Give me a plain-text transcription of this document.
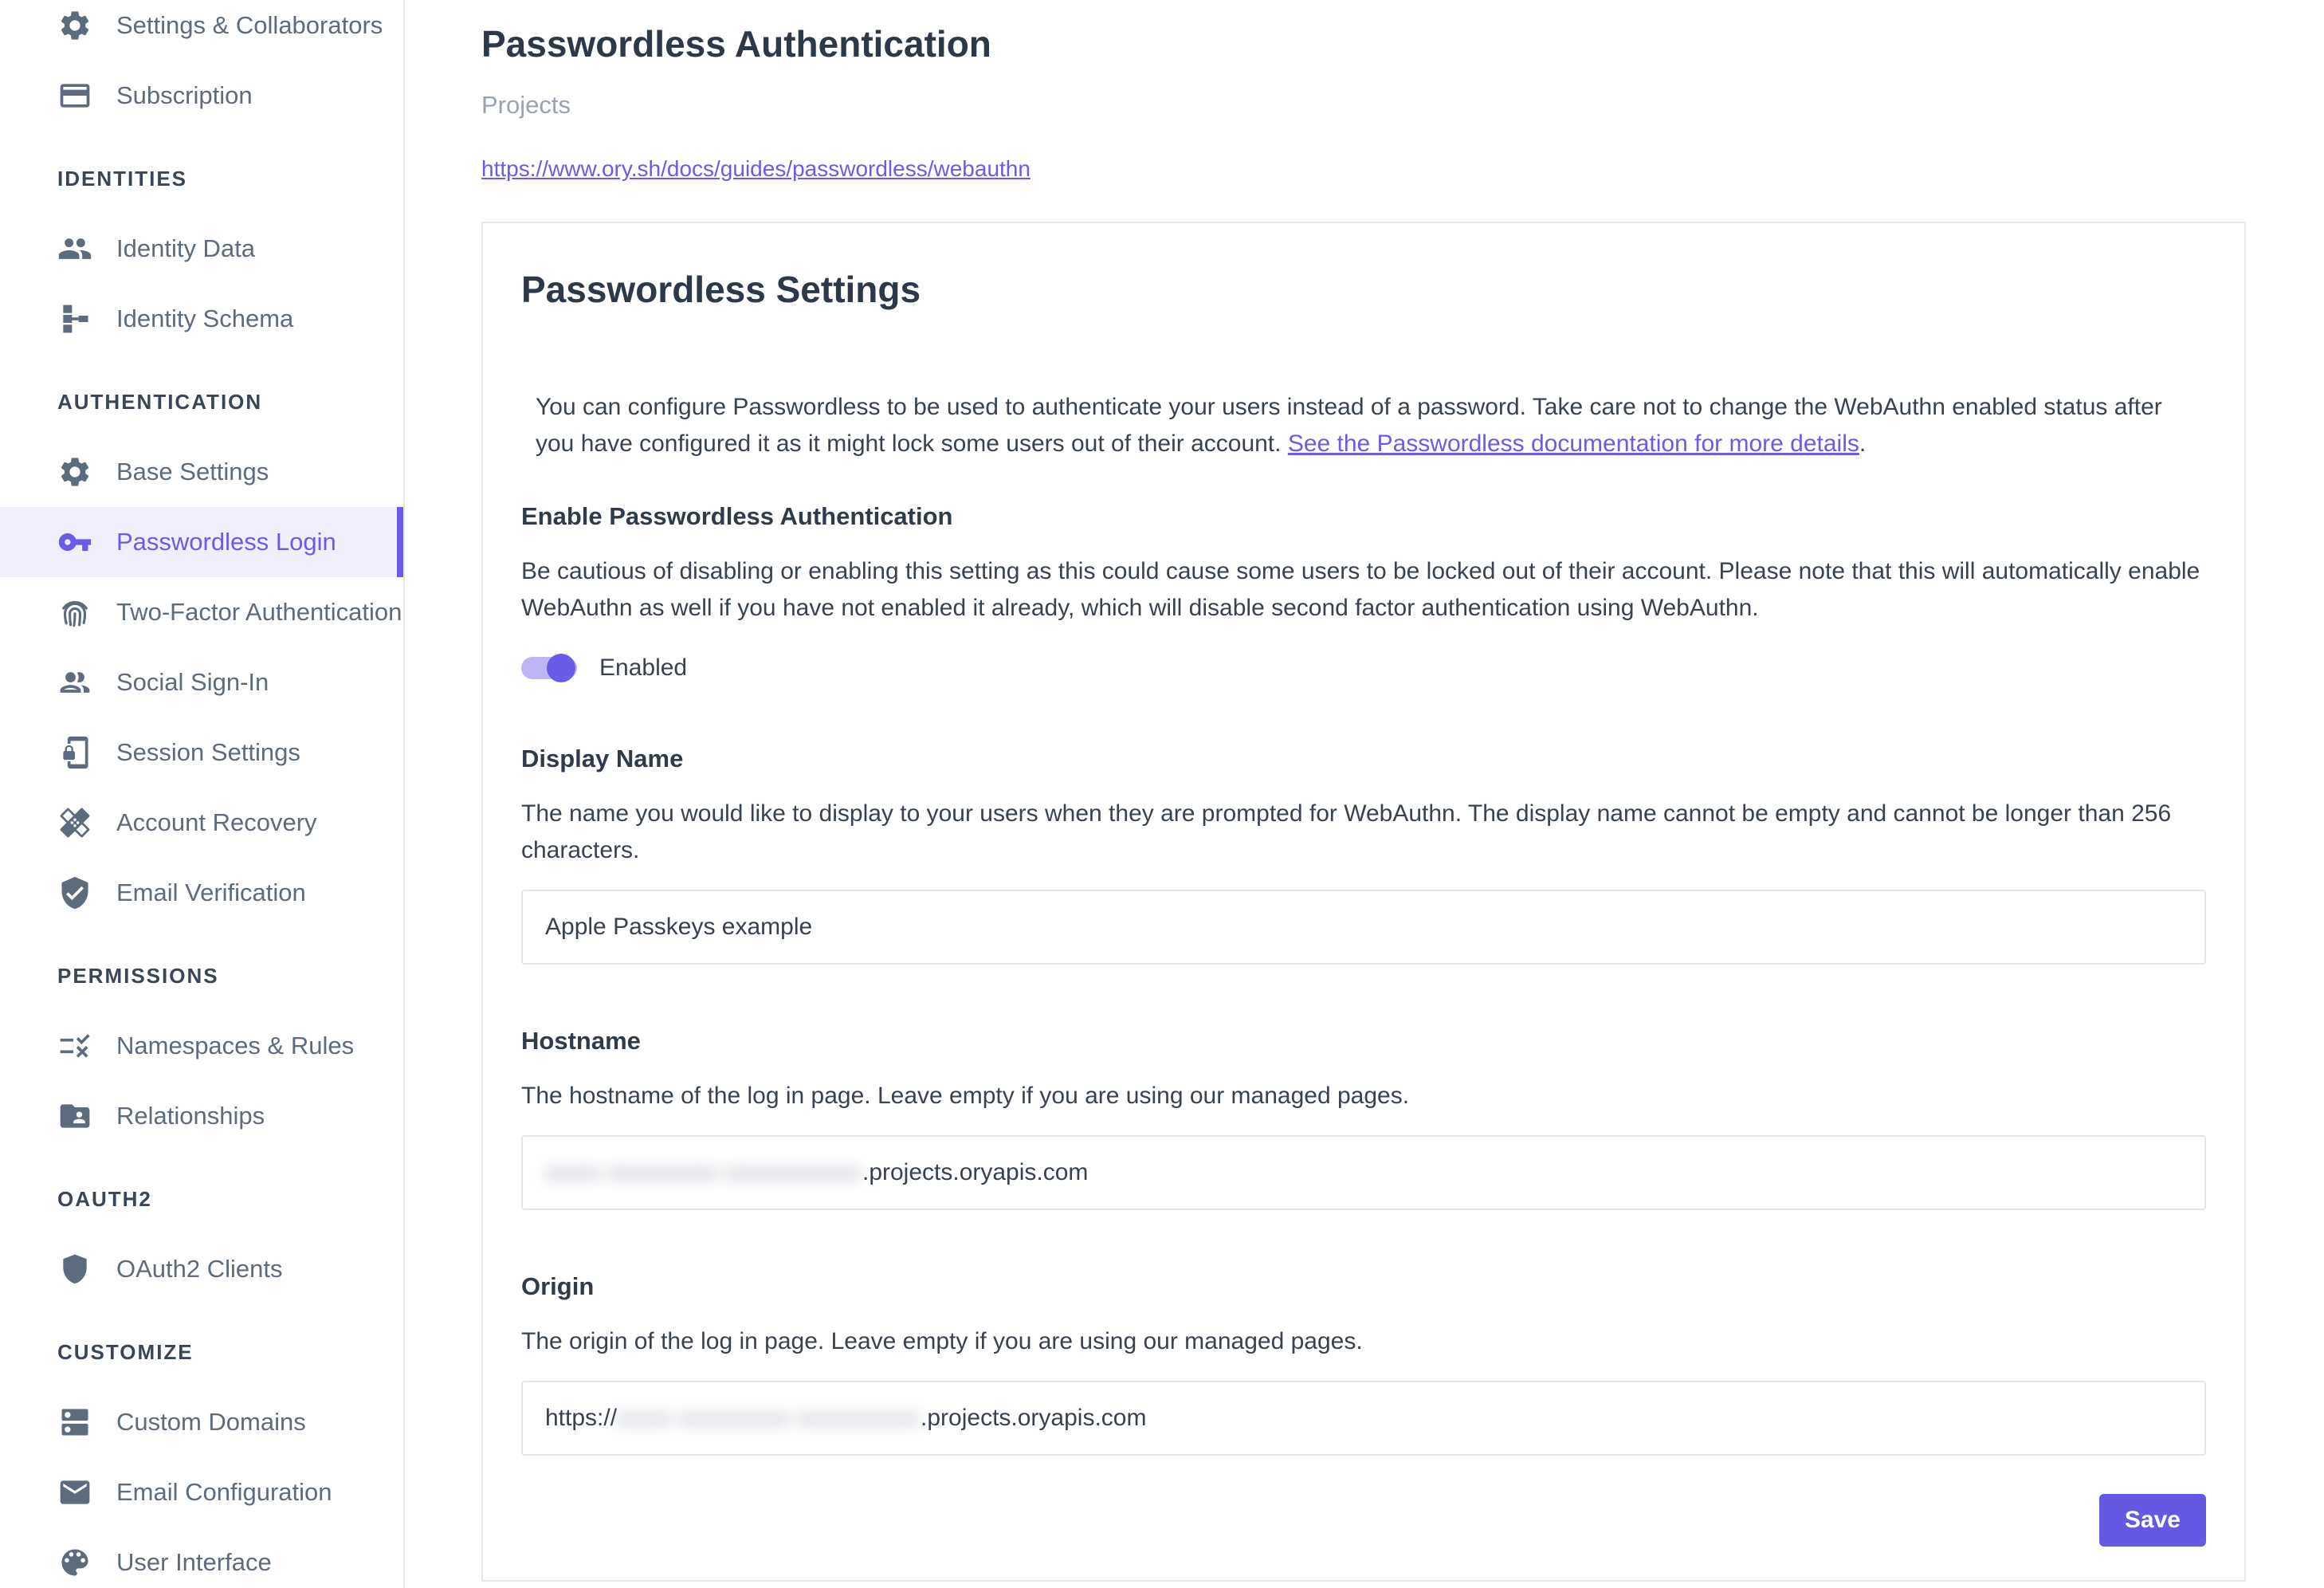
Settings & Collaborators
Subscription
IDENTITIES
Identity Data
Identity Schema
AUTHENTICATION
Base Settings
Passwordless Login
Two-Factor Authentication
Social Sign-In
Session Settings
Account Recovery
Email Verification
PERMISSIONS
Namespaces & Rules
Relationships
OAUTH2
OAuth2 Clients
CUSTOMIZE
Custom Domains
Email Configuration
User Interface
Passwordless Authentication
Projects
https://www.ory.sh/docs/guides/passwordless/webauthn
Passwordless Settings

You can configure Passwordless to be used to authenticate your users instead of a password. Take care not to change the WebAuthn enabled status after you have configured it as it might lock some users out of their account. See the Passwordless documentation for more details.

Enable Passwordless Authentication

Be cautious of disabling or enabling this setting as this could cause some users to be locked out of their account. Please note that this will automatically enable WebAuthn as well if you have not enabled it already, which will disable second factor authentication using WebAuthn.

Enabled
Display Name

The name you would like to display to your users when they are prompted for WebAuthn. The display name cannot be empty and cannot be longer than 256 characters.

Apple Passkeys example
Hostname

The hostname of the log in page. Leave empty if you are using our managed pages.

xxxx-xxxxxxxx-xxxxxxxxxx .projects.oryapis.com
Origin

The origin of the log in page. Leave empty if you are using our managed pages.

https:// xxxx-xxxxxxxx-xxxxxxxxx .projects.oryapis.com
Save
